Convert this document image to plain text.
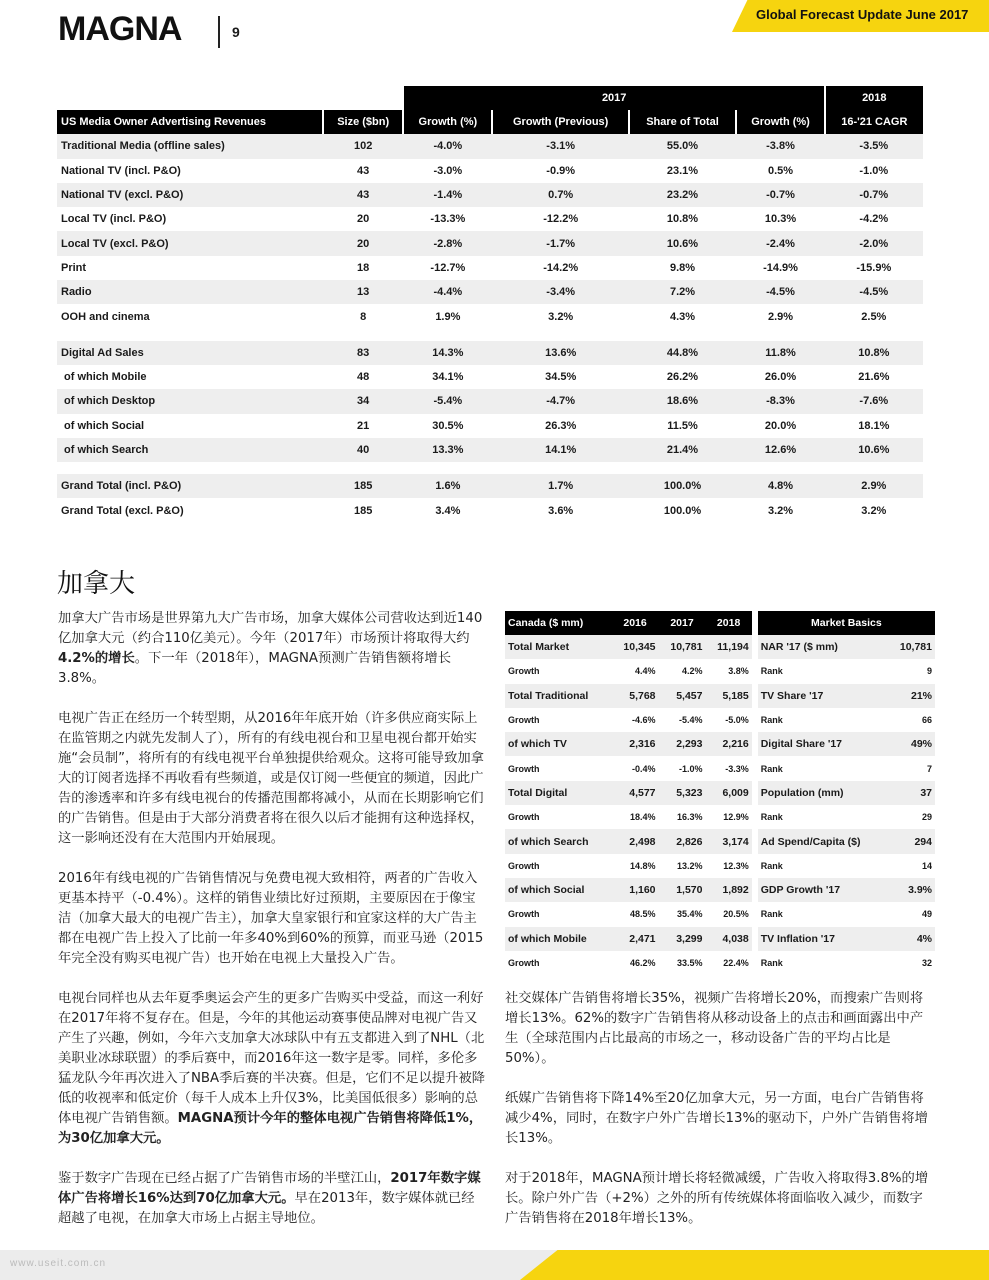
MAGNA	9
Global Forecast Update June 2017
		2017				2018	
US Media Owner Advertising Revenues	Size ($bn)	Growth (%)	Growth (Previous)	Share of Total	Growth (%)	16-'21 CAGR	
Traditional Media (offline sales)	102	-4.0%	-3.1%	55.0%	-3.8%	-3.5%	
National TV (incl. P&O)	43	-3.0%	-0.9%	23.1%	0.5%	-1.0%	
National TV (excl. P&O)	43	-1.4%	0.7%	23.2%	-0.7%	-0.7%	
Local TV (incl. P&O)	20	-13.3%	-12.2%	10.8%	10.3%	-4.2%	
Local TV (excl. P&O)	20	-2.8%	-1.7%	10.6%	-2.4%	-2.0%	
Print	18	-12.7%	-14.2%	9.8%	-14.9%	-15.9%	
Radio	13	-4.4%	-3.4%	7.2%	-4.5%	-4.5%	
OOH and cinema	8	1.9%	3.2%	4.3%	2.9%	2.5%	

Digital Ad Sales	83	14.3%	13.6%	44.8%	11.8%	10.8%	
of which Mobile	48	34.1%	34.5%	26.2%	26.0%	21.6%	
of which Desktop	34	-5.4%	-4.7%	18.6%	-8.3%	-7.6%	
of which Social	21	30.5%	26.3%	11.5%	20.0%	18.1%	
of which Search	40	13.3%	14.1%	21.4%	12.6%	10.6%	

Grand Total (incl. P&O)	185	1.6%	1.7%	100.0%	4.8%	2.9%	
Grand Total (excl. P&O)	185	3.4%	3.6%	100.0%	3.2%	3.2%	
加拿大

加拿大广告市场是世界第九大广告市场，加拿大媒体公司营收达到近140亿加拿大元（约合110亿美元）。今年（2017年）市场预计将取得大约4.2%的增长。下一年（2018年），MAGNA预测广告销售额将增长3.8%。

电视广告正在经历一个转型期，从2016年年底开始（许多供应商实际上在监管期之内就先发制人了），所有的有线电视台和卫星电视台都开始实施“会员制”，将所有的有线电视平台单独提供给观众。这将可能导致加拿大的订阅者选择不再收看有些频道，或是仅订阅一些便宜的频道，因此广告的渗透率和许多有线电视台的传播范围都将减小，从而在长期影响它们的广告销售。但是由于大部分消费者将在很久以后才能拥有这种选择权，这一影响还没有在大范围内开始展现。

2016年有线电视的广告销售情况与免费电视大致相符，两者的广告收入更基本持平（-0.4%）。这样的销售业绩比好过预期，主要原因在于像宝洁（加拿大最大的电视广告主），加拿大皇家银行和宜家这样的大广告主都在电视广告上投入了比前一年多40%到60%的预算，而亚马逊（2015年完全没有购买电视广告）也开始在电视上大量投入广告。

电视台同样也从去年夏季奥运会产生的更多广告购买中受益，而这一利好在2017年将不复存在。但是，今年的其他运动赛事使品牌对电视广告又产生了兴趣，例如，今年六支加拿大冰球队中有五支都进入到了NHL（北美职业冰球联盟）的季后赛中，而2016年这一数字是零。同样，多伦多猛龙队今年再次进入了NBA季后赛的半决赛。但是，它们不足以提升被降低的收视率和低定价（每千人成本上升仅3%，比美国低很多）影响的总体电视广告销售额。MAGNA预计今年的整体电视广告销售将降低1%，为30亿加拿大元。

鉴于数字广告现在已经占据了广告销售市场的半壁江山，2017年数字媒体广告将增长16%达到70亿加拿大元。早在2013年，数字媒体就已经超越了电视，在加拿大市场上占据主导地位。

Canada ($ mm)	2016	2017	2018		Market Basics	
Total Market	10,345	10,781	11,194		NAR '17 ($ mm)	10,781
Growth	4.4%	4.2%	3.8%		Rank	9
Total Traditional	5,768	5,457	5,185		TV Share '17	21%
Growth	-4.6%	-5.4%	-5.0%		Rank	66
of which TV	2,316	2,293	2,216		Digital Share '17	49%
Growth	-0.4%	-1.0%	-3.3%		Rank	7
Total Digital	4,577	5,323	6,009		Population (mm)	37
Growth	18.4%	16.3%	12.9%		Rank	29
of which Search	2,498	2,826	3,174		Ad Spend/Capita ($)	294
Growth	14.8%	13.2%	12.3%		Rank	14
of which Social	1,160	1,570	1,892		GDP Growth '17	3.9%
Growth	48.5%	35.4%	20.5%		Rank	49
of which Mobile	2,471	3,299	4,038		TV Inflation '17	4%
Growth	46.2%	33.5%	22.4%		Rank	32

社交媒体广告销售将增长35%，视频广告将增长20%，而搜索广告则将增长13%。62%的数字广告销售将从移动设备上的点击和画面露出中产生（全球范围内占比最高的市场之一，移动设备广告的平均占比是50%）。

纸媒广告销售将下降14%至20亿加拿大元，另一方面，电台广告销售将减少4%，同时，在数字户外广告增长13%的驱动下，户外广告销售将增长13%。

对于2018年，MAGNA预计增长将轻微减缓，广告收入将取得3.8%的增长。除户外广告（+2%）之外的所有传统媒体将面临收入减少，而数字广告销售将在2018年增长13%。

www.useit.com.cn
